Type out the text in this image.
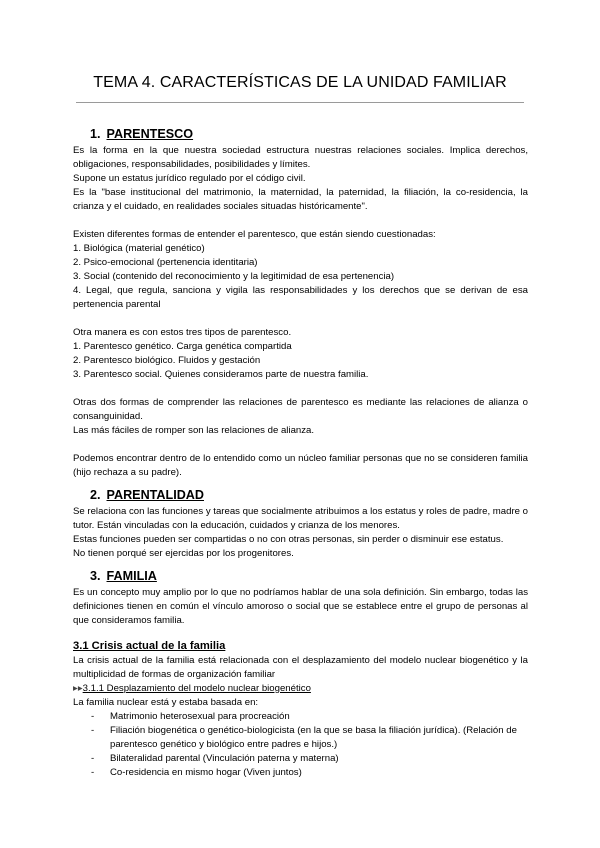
TEMA 4. CARACTERÍSTICAS DE LA UNIDAD FAMILIAR
1. PARENTESCO

Es la forma en la que nuestra sociedad estructura nuestras relaciones sociales. Implica derechos, obligaciones, responsabilidades, posibilidades y límites.

Supone un estatus jurídico regulado por el código civil.

Es la "base institucional del matrimonio, la maternidad, la paternidad, la filiación, la co-residencia, la crianza y el cuidado, en realidades sociales situadas históricamente".

Existen diferentes formas de entender el parentesco, que están siendo cuestionadas:

1. Biológica (material genético)

2. Psico-emocional (pertenencia identitaria)

3. Social (contenido del reconocimiento y la legitimidad de esa pertenencia)

4. Legal, que regula, sanciona y vigila las responsabilidades y los derechos que se derivan de esa pertenencia parental

Otra manera es con estos tres tipos de parentesco.

1. Parentesco genético. Carga genética compartida

2. Parentesco biológico. Fluidos y gestación

3. Parentesco social. Quienes consideramos parte de nuestra familia.

Otras dos formas de comprender las relaciones de parentesco es mediante las relaciones de alianza o consanguinidad.

Las más fáciles de romper son las relaciones de alianza.

Podemos encontrar dentro de lo entendido como un núcleo familiar personas que no se consideren familia (hijo rechaza a su padre).

2. PARENTALIDAD

Se relaciona con las funciones y tareas que socialmente atribuimos a los estatus y roles de padre, madre o tutor. Están vinculadas con la educación, cuidados y crianza de los menores.

Estas funciones pueden ser compartidas o no con otras personas, sin perder o disminuir ese estatus.

No tienen porqué ser ejercidas por los progenitores.

3. FAMILIA

Es un concepto muy amplio por lo que no podríamos hablar de una sola definición. Sin embargo, todas las definiciones tienen en común el vínculo amoroso o social que se establece entre el grupo de personas al que consideramos familia.

3.1 Crisis actual de la familia

La crisis actual de la familia está relacionada con el desplazamiento del modelo nuclear biogenético y la multiplicidad de formas de organización familiar

▸▸3.1.1 Desplazamiento del modelo nuclear biogenético

La familia nuclear está y estaba basada en:

- Matrimonio heterosexual para procreación
- Filiación biogenética o genético-biologicista (en la que se basa la filiación jurídica). (Relación de parentesco genético y biológico entre padres e hijos.)
- Bilateralidad parental (Vinculación paterna y materna)
- Co-residencia en mismo hogar (Viven juntos)
